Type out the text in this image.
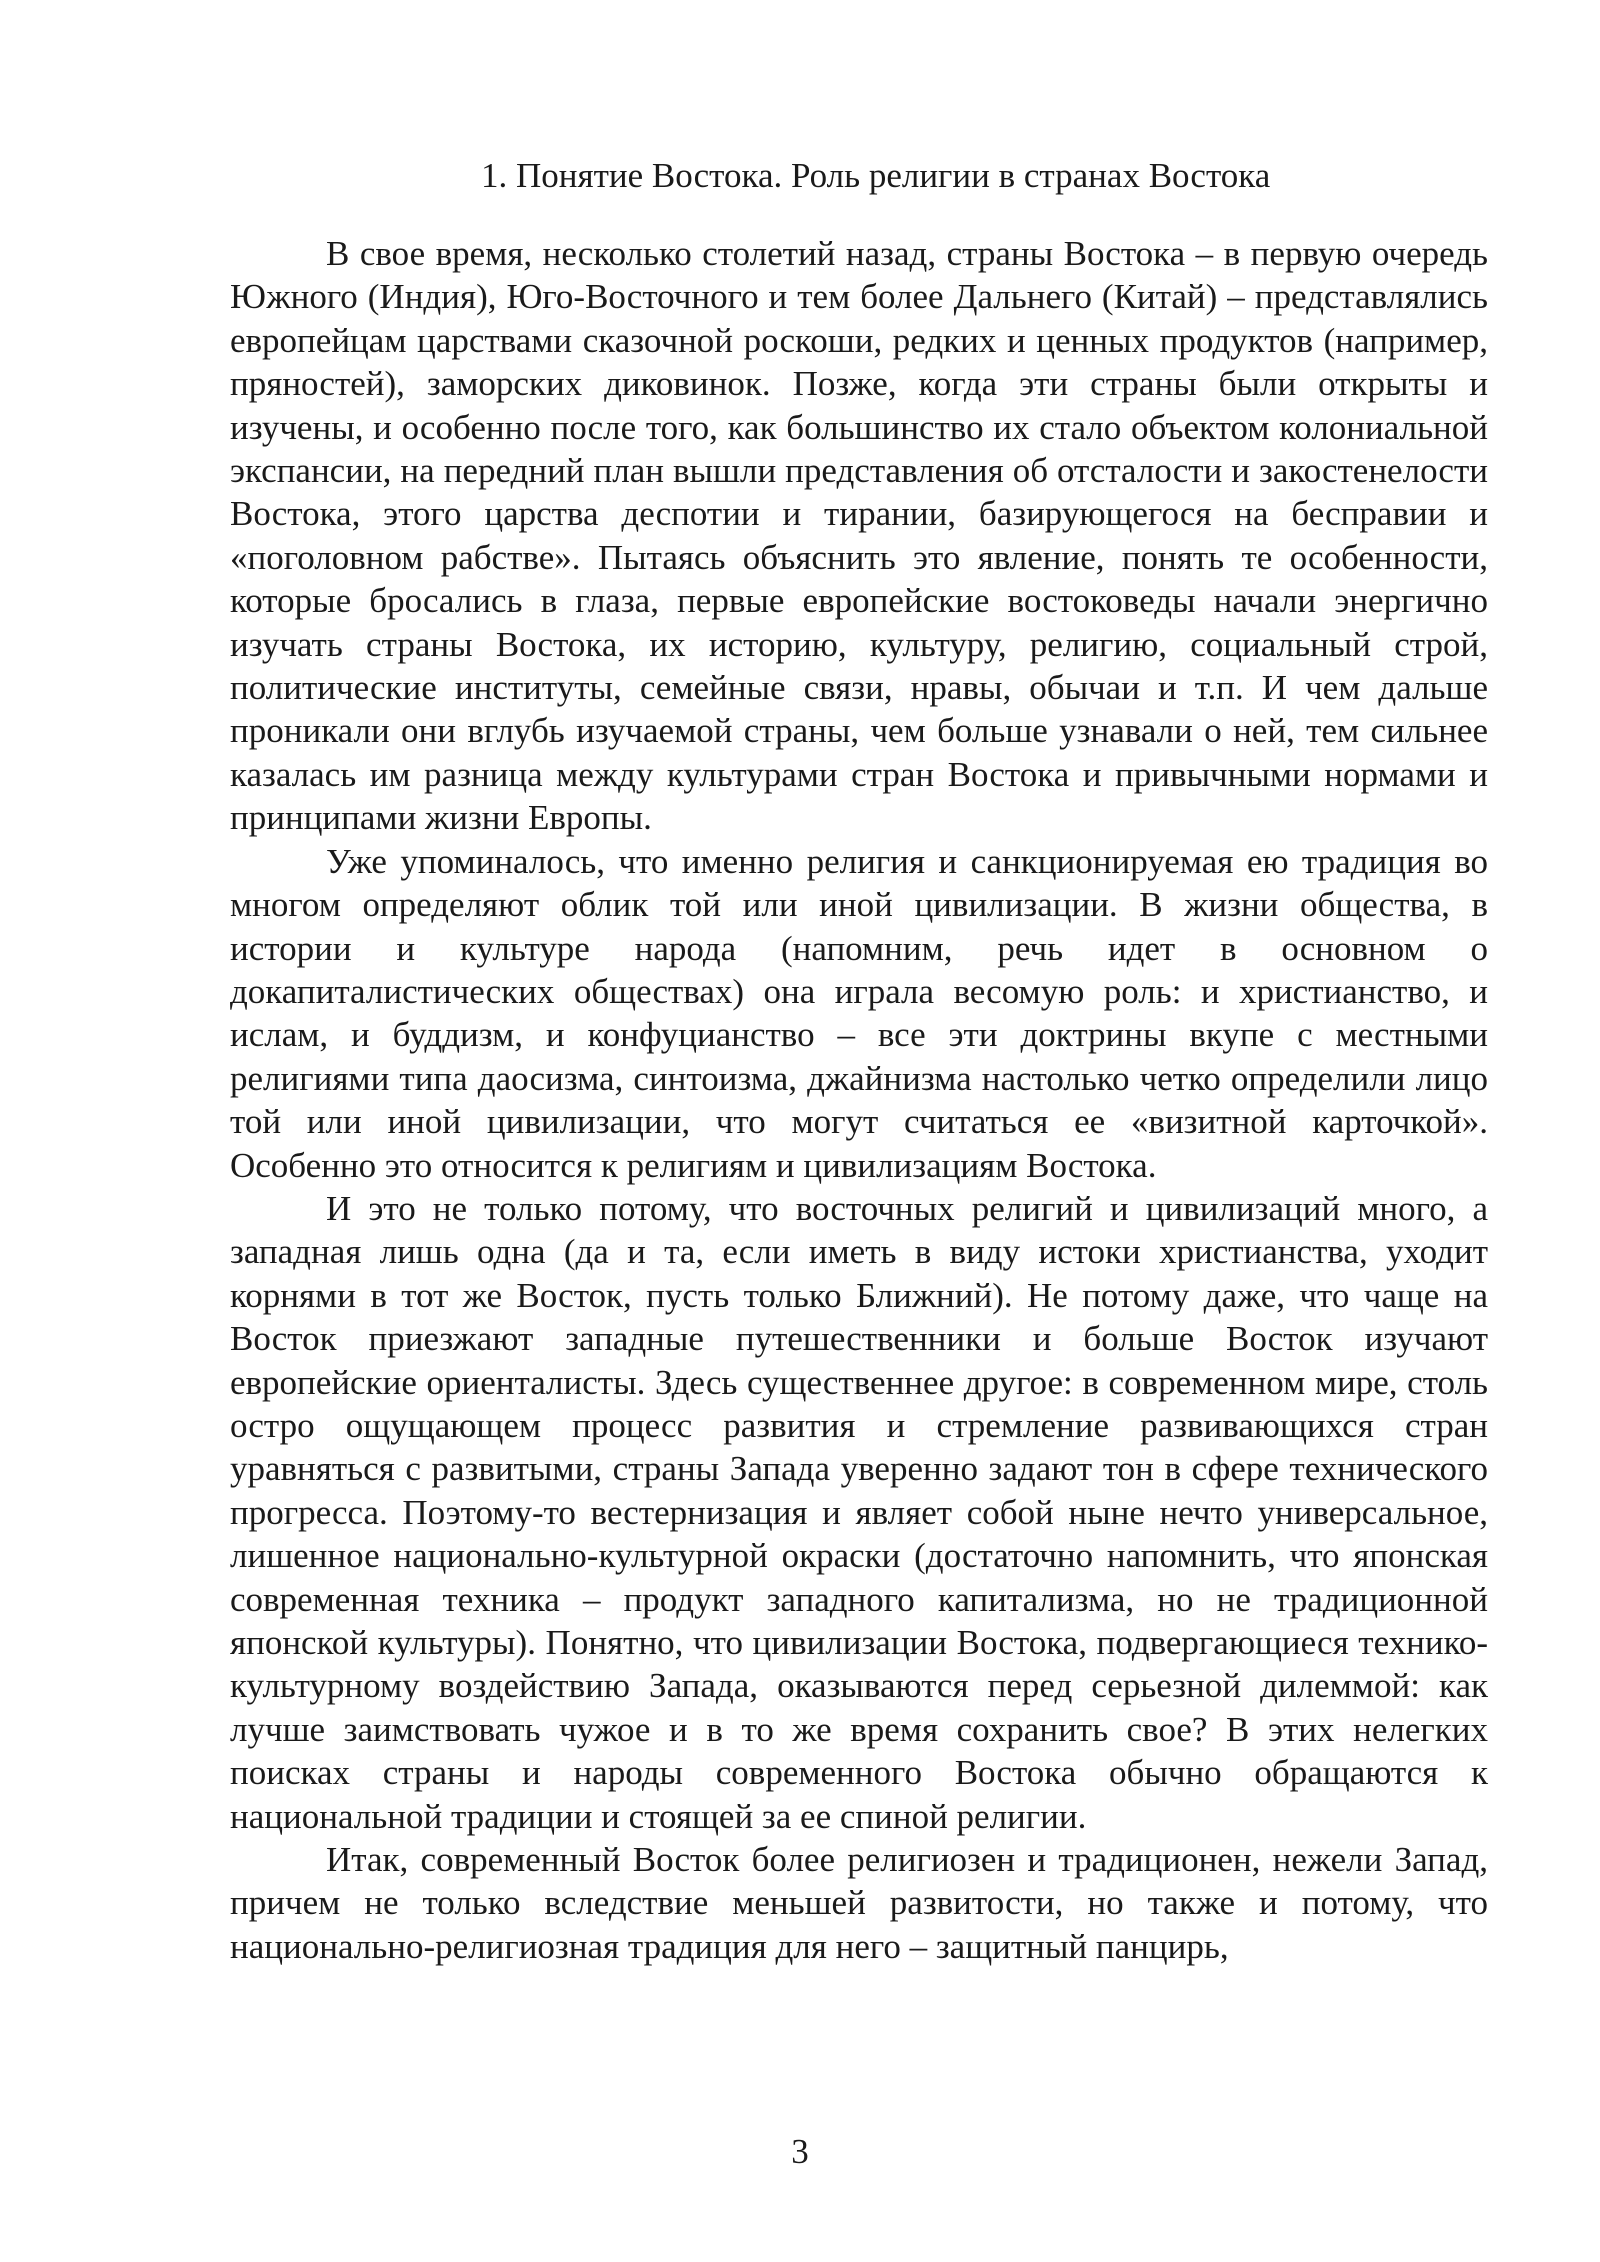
1. Понятие Востока. Роль религии в странах Востока

В свое время, несколько столетий назад, страны Востока – в первую очередь Южного (Индия), Юго-Восточного и тем более Дальнего (Китай) – представлялись европейцам царствами сказочной роскоши, редких и ценных продуктов (например, пряностей), заморских диковинок. Позже, когда эти страны были открыты и изучены, и особенно после того, как большинство их стало объектом колониальной экспансии, на передний план вышли представления об отсталости и закостенелости Востока, этого царства деспотии и тирании, базирующегося на бесправии и «поголовном рабстве». Пытаясь объяснить это явление, понять те особенности, которые бросались в глаза, первые европейские востоковеды начали энергично изучать страны Востока, их историю, культуру, религию, социальный строй, политические институты, семейные связи, нравы, обычаи и т.п. И чем дальше проникали они вглубь изучаемой страны, чем больше узнавали о ней, тем сильнее казалась им разница между культурами стран Востока и привычными нормами и принципами жизни Европы.

Уже упоминалось, что именно религия и санкционируемая ею традиция во многом определяют облик той или иной цивилизации. В жизни общества, в истории и культуре народа (напомним, речь идет в основном о докапиталистических обществах) она играла весомую роль: и христианство, и ислам, и буддизм, и конфуцианство – все эти доктрины вкупе с местными религиями типа даосизма, синтоизма, джайнизма настолько четко определили лицо той или иной цивилизации, что могут считаться ее «визитной карточкой». Особенно это относится к религиям и цивилизациям Востока.

И это не только потому, что восточных религий и цивилизаций много, а западная лишь одна (да и та, если иметь в виду истоки христианства, уходит корнями в тот же Восток, пусть только Ближний). Не потому даже, что чаще на Восток приезжают западные путешественники и больше Восток изучают европейские ориенталисты. Здесь существеннее другое: в современном мире, столь остро ощущающем процесс развития и стремление развивающихся стран уравняться с развитыми, страны Запада уверенно задают тон в сфере технического прогресса. Поэтому-то вестернизация и являет собой ныне нечто универсальное, лишенное национально-культурной окраски (достаточно напомнить, что японская современная техника – продукт западного капитализма, но не традиционной японской культуры). Понятно, что цивилизации Востока, подвергающиеся технико-культурному воздействию Запада, оказываются перед серьезной дилеммой: как лучше заимствовать чужое и в то же время сохранить свое? В этих нелегких поисках страны и народы современного Востока обычно обращаются к национальной традиции и стоящей за ее спиной религии.

Итак, современный Восток более религиозен и традиционен, нежели Запад, причем не только вследствие меньшей развитости, но также и потому, что национально-религиозная традиция для него – защитный панцирь,

3
